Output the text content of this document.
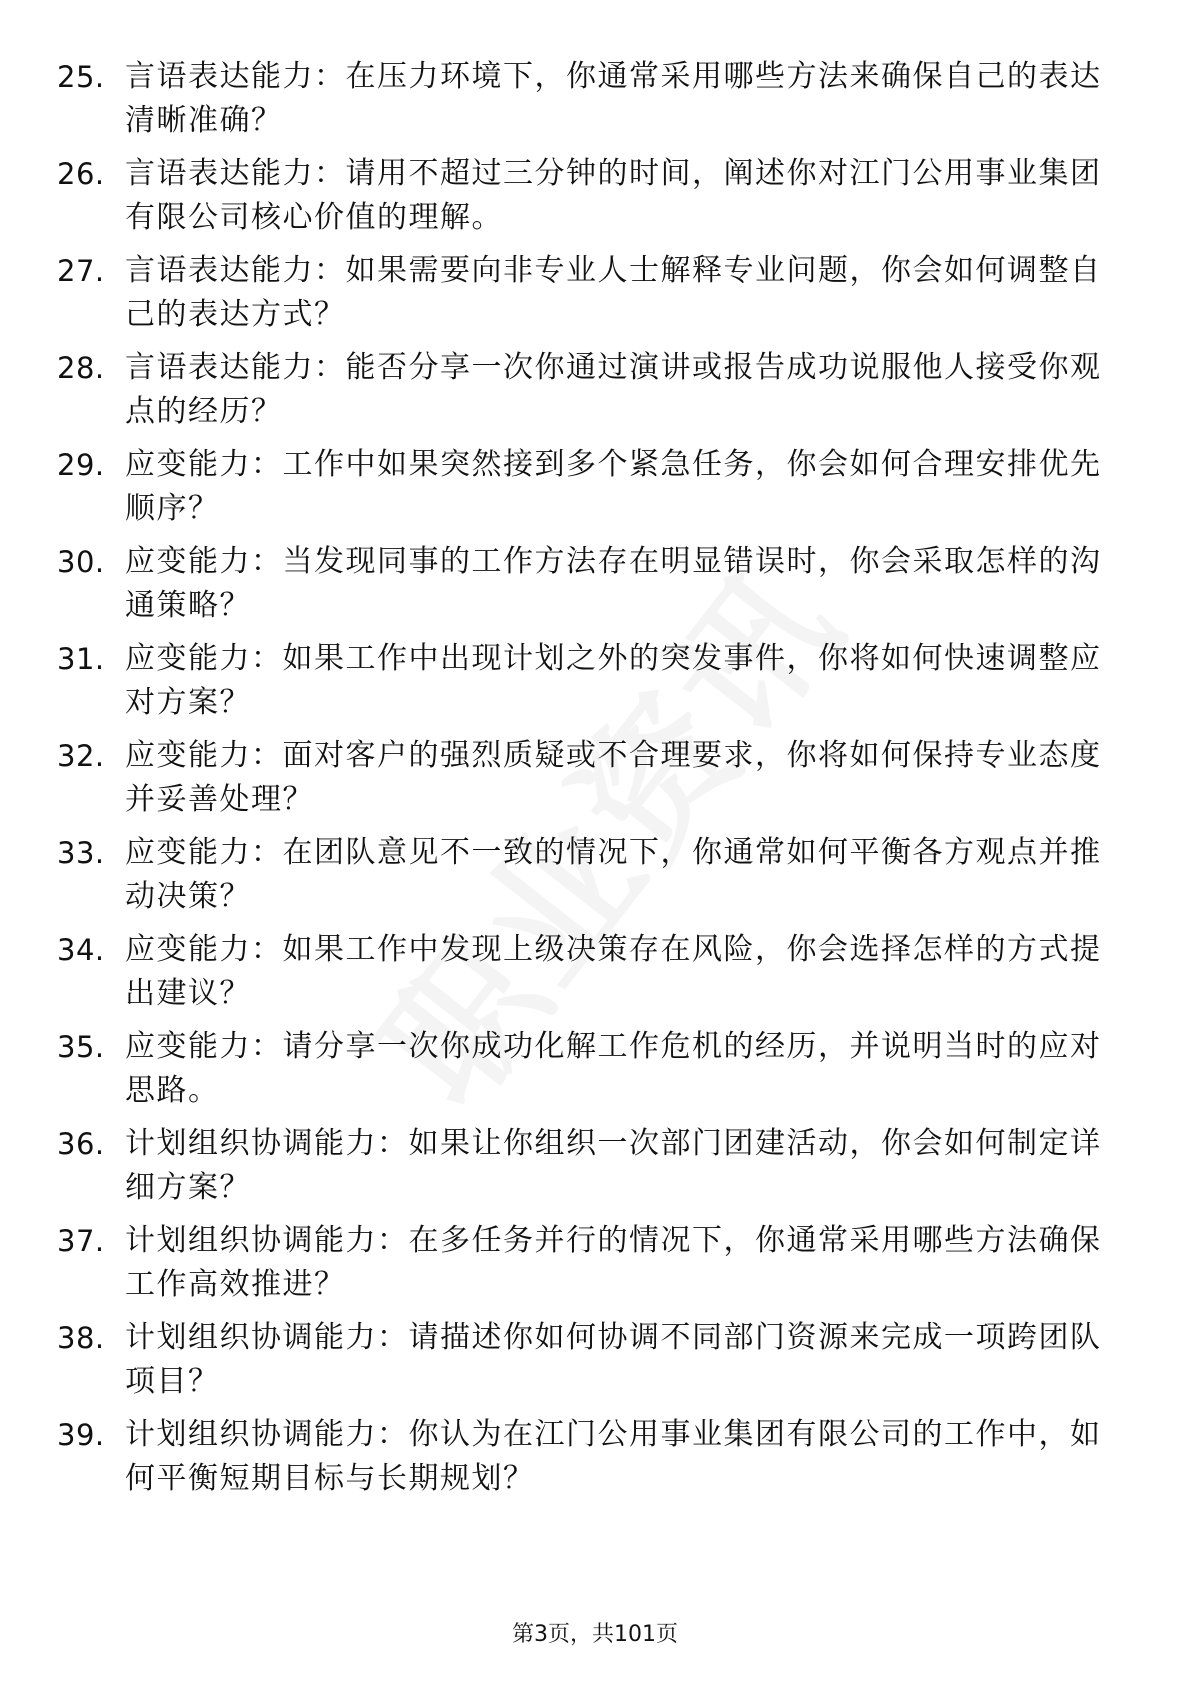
25. 言语表达能力：在压力环境下，你通常采用哪些方法来确保自己的表达清晰准确？
26. 言语表达能力：请用不超过三分钟的时间，阐述你对江门公用事业集团有限公司核心价值的理解。
27. 言语表达能力：如果需要向非专业人士解释专业问题，你会如何调整自己的表达方式？
28. 言语表达能力：能否分享一次你通过演讲或报告成功说服他人接受你观点的经历？
29. 应变能力：工作中如果突然接到多个紧急任务，你会如何合理安排优先顺序？
30. 应变能力：当发现同事的工作方法存在明显错误时，你会采取怎样的沟通策略？
31. 应变能力：如果工作中出现计划之外的突发事件，你将如何快速调整应对方案？
32. 应变能力：面对客户的强烈质疑或不合理要求，你将如何保持专业态度并妥善处理？
33. 应变能力：在团队意见不一致的情况下，你通常如何平衡各方观点并推动决策？
34. 应变能力：如果工作中发现上级决策存在风险，你会选择怎样的方式提出建议？
35. 应变能力：请分享一次你成功化解工作危机的经历，并说明当时的应对思路。
36. 计划组织协调能力：如果让你组织一次部门团建活动，你会如何制定详细方案？
37. 计划组织协调能力：在多任务并行的情况下，你通常采用哪些方法确保工作高效推进？
38. 计划组织协调能力：请描述你如何协调不同部门资源来完成一项跨团队项目？
39. 计划组织协调能力：你认为在江门公用事业集团有限公司的工作中，如何平衡短期目标与长期规划？
第3页，共101页
